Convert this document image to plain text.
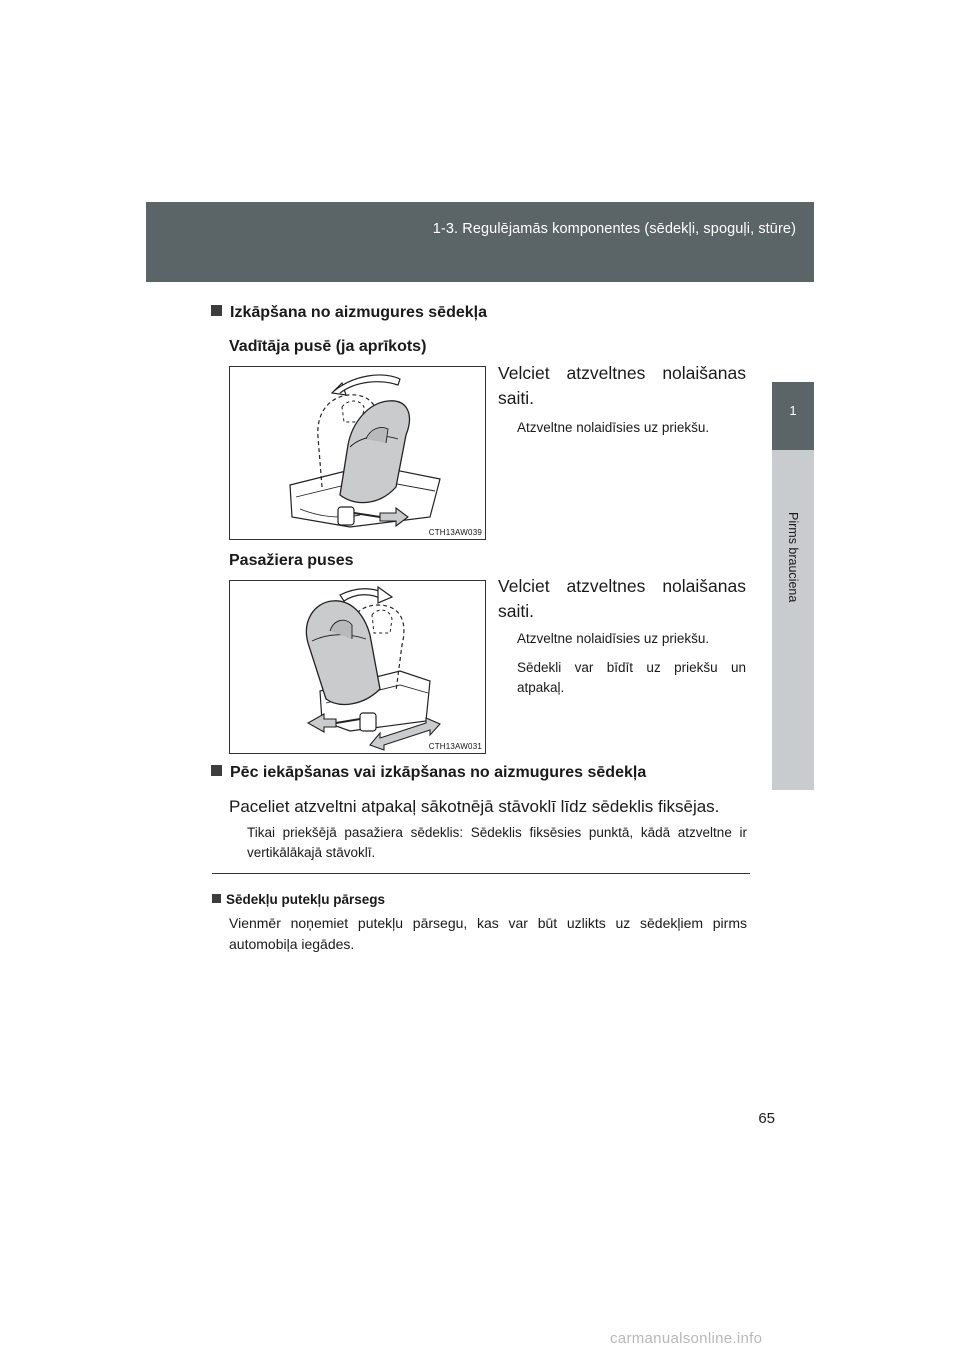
1-3. Regulējamās komponentes (sēdekļi, spoguļi, stūre)
1
Pirms brauciena
Izkāpšana no aizmugures sēdekļa
Vadītāja pusē (ja aprīkots)
CTH13AW039
Velciet atzveltnes nolaišanas
saiti.
Atzveltne nolaidīsies uz priekšu.
Pasažiera puses
CTH13AW031
Velciet atzveltnes nolaišanas
saiti.
Atzveltne nolaidīsies uz priekšu.
Sēdekli var bīdīt uz priekšu un atpakaļ.
Pēc iekāpšanas vai izkāpšanas no aizmugures sēdekļa
Paceliet atzveltni atpakaļ sākotnējā stāvoklī līdz sēdeklis fiksējas.
Tikai priekšējā pasažiera sēdeklis: Sēdeklis fiksēsies punktā, kādā atzveltne ir vertikālākajā stāvoklī.
Sēdekļu putekļu pārsegs
Vienmēr noņemiet putekļu pārsegu, kas var būt uzlikts uz sēdekļiem pirms automobiļa iegādes.
65
carmanualsonline.info
